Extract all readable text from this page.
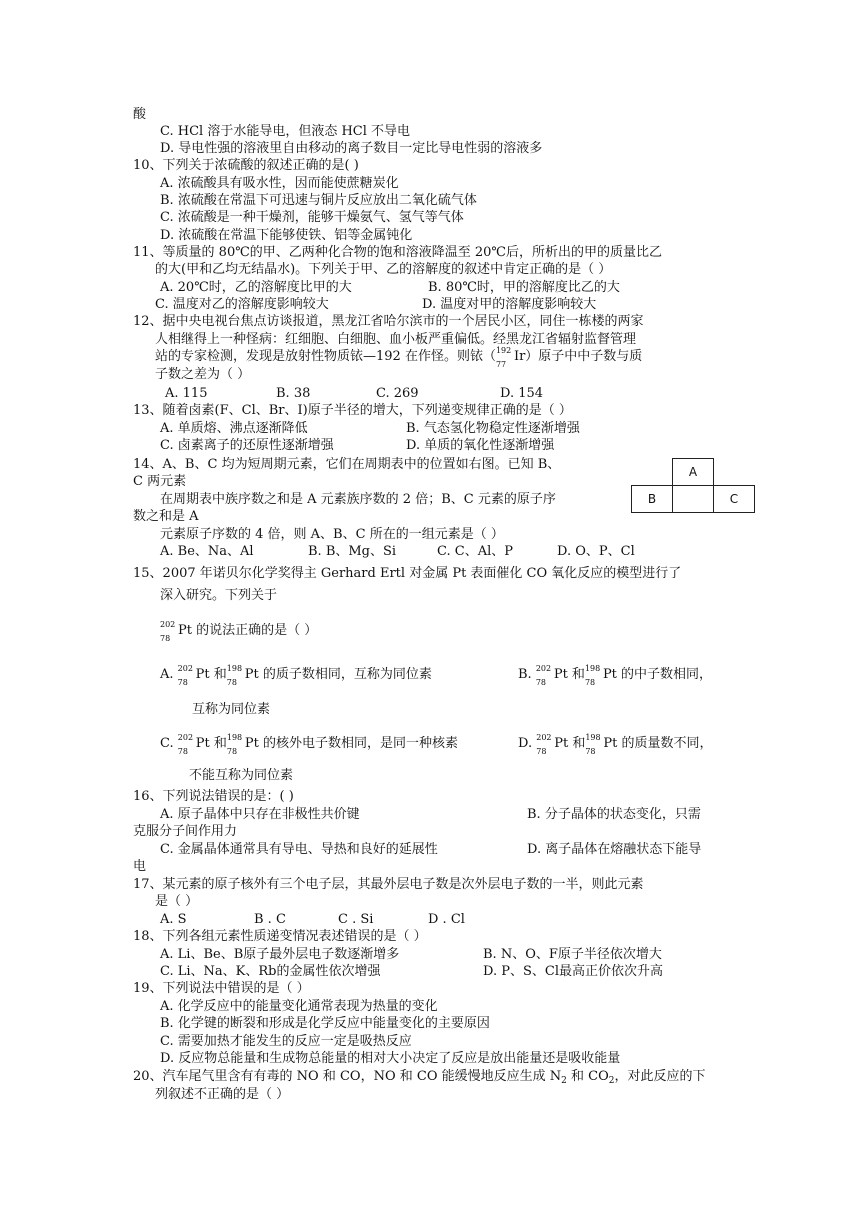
酸
C. HCl 溶于水能导电，但液态 HCl 不导电
D. 导电性强的溶液里自由移动的离子数目一定比导电性弱的溶液多
10、下列关于浓硫酸的叙述正确的是( )
A. 浓硫酸具有吸水性，因而能使蔗糖炭化
B. 浓硫酸在常温下可迅速与铜片反应放出二氧化硫气体
C. 浓硫酸是一种干燥剂，能够干燥氨气、氢气等气体
D. 浓硫酸在常温下能够使铁、铝等金属钝化
11、等质量的 80℃的甲、乙两种化合物的饱和溶液降温至 20℃后，所析出的甲的质量比乙
的大(甲和乙均无结晶水)。下列关于甲、乙的溶解度的叙述中肯定正确的是（ ）
A. 20℃时，乙的溶解度比甲的大	B. 80℃时，甲的溶解度比乙的大
C. 温度对乙的溶解度影响较大	D. 温度对甲的溶解度影响较大
12、据中央电视台焦点访谈报道，黑龙江省哈尔滨市的一个居民小区，同住一栋楼的两家
人相继得上一种怪病：红细胞、白细胞、血小板严重偏低。经黑龙江省辐射监督管理
站的专家检测，发现是放射性物质铱—192 在作怪。则铱（ 192
77
Ir）原子中中子数与质
子数之差为（ ）
A. 115	B. 38	C. 269	D. 154
13、随着卤素(F、Cl、Br、I)原子半径的增大，下列递变规律正确的是（ ）
A. 单质熔、沸点逐渐降低	B. 气态氢化物稳定性逐渐增强
C. 卤素离子的还原性逐渐增强	D. 单质的氧化性逐渐增强
14、A、B、C 均为短周期元素，它们在周期表中的位置如右图。已知 B、
C 两元素
在周期表中族序数之和是 A 元素族序数的 2 倍；B、C 元素的原子序
数之和是 A
元素原子序数的 4 倍，则 A、B、C 所在的一组元素是（ ）
A. Be、Na、Al	B. B、Mg、Si	C. C、Al、P	D. O、P、Cl
	A	
B		C
15、2007 年诺贝尔化学奖得主 Gerhard Ertl 对金属 Pt 表面催化 CO 氧化反应的模型进行了
深入研究。下列关于
202
78
Pt 的说法正确的是（ ）
A. 202
78
Pt 和 198
78
Pt 的质子数相同，互称为同位素	B. 202
78
Pt 和 198
78
Pt 的中子数相同，
互称为同位素
C. 202
78
Pt 和 198
78
Pt 的核外电子数相同，是同一种核素	D. 202
78
Pt 和 198
78
Pt 的质量数不同，
不能互称为同位素
16、下列说法错误的是：( )
A. 原子晶体中只存在非极性共价键	B. 分子晶体的状态变化，只需
克服分子间作用力
C. 金属晶体通常具有导电、导热和良好的延展性	D. 离子晶体在熔融状态下能导
电
17、某元素的原子核外有三个电子层，其最外层电子数是次外层电子数的一半，则此元素
是（ ）
A. S	B . C	C . Si	D . Cl
18、下列各组元素性质递变情况表述错误的是（ ）
A. Li、Be、B原子最外层电子数逐渐增多	B. N、O、F原子半径依次增大
C. Li、Na、K、Rb的金属性依次增强	D. P、S、Cl最高正价依次升高
19、下列说法中错误的是（ ）
A. 化学反应中的能量变化通常表现为热量的变化
B. 化学键的断裂和形成是化学反应中能量变化的主要原因
C. 需要加热才能发生的反应一定是吸热反应
D. 反应物总能量和生成物总能量的相对大小决定了反应是放出能量还是吸收能量
20、汽车尾气里含有有毒的 NO 和 CO，NO 和 CO 能缓慢地反应生成 $N_2$ 和 $CO_2$，对此反应的下
列叙述不正确的是（ ）
